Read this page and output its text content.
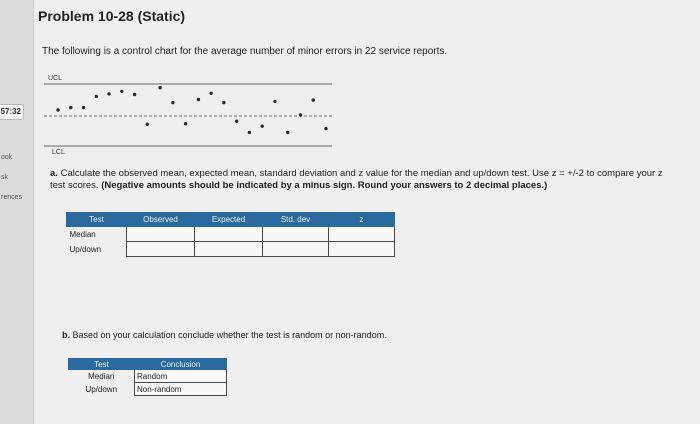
57:32
ook
sk
rences
Problem 10-28 (Static)
The following is a control chart for the average number of minor errors in 22 service reports.
UCL
LCL
a. Calculate the observed mean, expected mean, standard deviation and z value for the median and up/down test. Use z = +/-2 to compare your z test scores. (Negative amounts should be indicated by a minus sign. Round your answers to 2 decimal places.)
Test	Observed	Expected	Std. dev	z
Median				
Up/down				
b. Based on your calculation conclude whether the test is random or non-random.
Test	Conclusion
Median	Random
Up/down	Non-random
